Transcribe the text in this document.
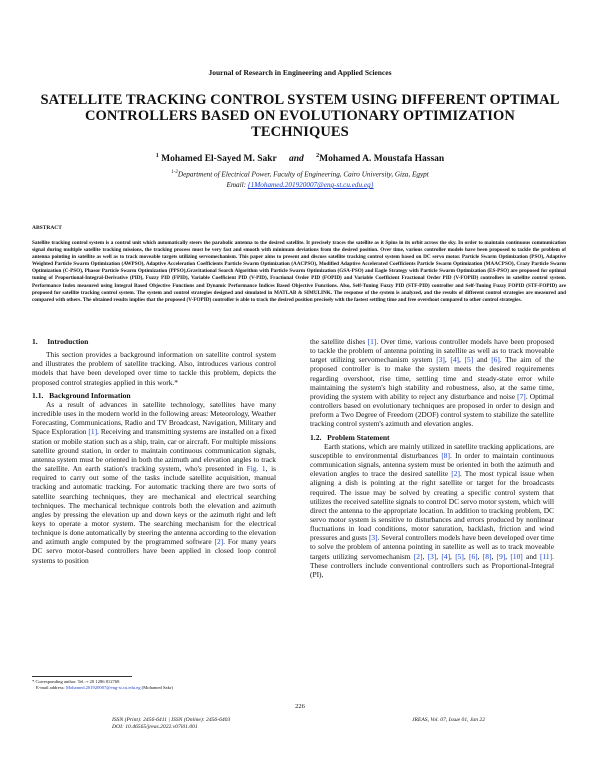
Journal of Research in Engineering and Applied Sciences
SATELLITE TRACKING CONTROL SYSTEM USING DIFFERENT OPTIMAL CONTROLLERS BASED ON EVOLUTIONARY OPTIMIZATION TECHNIQUES
$^1$ Mohamed El-Sayed M. Sakr and $^2$Mohamed A. Moustafa Hassan
$^{1-2}$Department of Electrical Power, Faculty of Engineering, Cairo University, Giza, Egypt
Email: {1Mohamed.201920007@eng-st.cu.edu.eg}
ABSTRACT
Satellite tracking control system is a control unit which automatically steers the parabolic antenna to the desired satellite. It precisely traces the satellite as it Spins in its orbit across the sky. In order to maintain continuous communication signal during multiple satellite tracking missions, the tracking process must be very fast and smooth with minimum deviations from the desired position. Over time, various controller models have been proposed to tackle the problem of antenna pointing in satellite as well as to track moveable targets utilizing servomechanism. This paper aims to present and discuss satellite tracking control system based on DC servo motor. Particle Swarm Optimization (PSO), Adaptive Weighted Particle Swarm Optimization (AWPSO), Adaptive Acceleration Coefficients Particle Swarm Optimization (AACPSO), Modified Adaptive Accelerated Coefficients Particle Swarm Optimization (MAACPSO), Crazy Particle Swarm Optimization (C-PSO), Phasor Particle Swarm Optimization (PPSO),Gravitational Search Algorithm with Particle Swarm Optimization (GSA-PSO) and Eagle Strategy with Particle Swarm Optimization (ES-PSO) are proposed for optimal tuning of Proportional-Integral-Derivative (PID), Fuzzy PID (FPID), Variable Coefficient PID (V-PID), Fractional Order PID (FOPID) and Variable Coefficient Fractional Order PID (V-FOPID) controllers in satellite control system. Performance Index measured using Integral Based Objective Functions and Dynamic Performance Indices Based Objective Functions. Also, Self-Tuning Fuzzy PID (STF-PID) controller and Self-Tuning Fuzzy FOPID (STF-FOPID) are proposed for satellite tracking control system. The system and control strategies designed and simulated in MATLAB & SIMULINK. The response of the system is analyzed, and the results of different control strategies are measured and compared with others. The obtained results implies that the proposed (V-FOPID) controller is able to track the desired position precisely with the fastest settling time and free overshoot compared to other control strategies.
1.     Introduction

This section provides a background information on satellite control system and illustrates the problem of satellite tracking. Also, introduces various control models that have been developed over time to tackle this problem, depicts the proposed control strategies applied in this work.*

1.1.   Background Information

As a result of advances in satellite technology, satellites have many incredible uses in the modern world in the following areas: Meteorology, Weather Forecasting, Communications, Radio and TV Broadcast, Navigation, Military and Space Exploration [1]. Receiving and transmitting systems are installed on a fixed station or mobile station such as a ship, train, car or aircraft. For multiple missions satellite ground station, in order to maintain continuous communication signals, antenna system must be oriented in both the azimuth and elevation angles to track the satellite. An earth station's tracking system, who's presented in Fig. 1, is required to carry out some of the tasks include satellite acquisition, manual tracking and automatic tracking. For automatic tracking there are two sorts of satellite searching techniques, they are mechanical and electrical searching techniques. The mechanical technique controls both the elevation and azimuth angles by pressing the elevation up and down keys or the azimuth right and left keys to operate a motor system. The searching mechanism for the electrical technique is done automatically by steering the antenna according to the elevation and azimuth angle computed by the programmed software [2]. For many years DC servo motor-based controllers have been applied in closed loop control systems to position

the satellite dishes [1]. Over time, various controller models have been proposed to tackle the problem of antenna pointing in satellite as well as to track moveable target utilizing servomechanism system [3], [4], [5] and [6]. The aim of the proposed controller is to make the system meets the desired requirements regarding overshoot, rise time, settling time and steady-state error while maintaining the system's high stability and robustness, also, at the same time, providing the system with ability to reject any disturbance and noise [7]. Optimal controllers based on evolutionary techniques are proposed in order to design and preform a Two Degree of Freedom (2DOF) control system to stabilize the satellite tracking control system's azimuth and elevation angles.

1.2.   Problem Statement

Earth stations, which are mainly utilized in satellite tracking applications, are susceptible to environmental disturbances [8]. In order to maintain continuous communication signals, antenna system must be oriented in both the azimuth and elevation angles to trace the desired satellite [2]. The most typical issue when aligning a dish is pointing at the right satellite or target for the broadcasts required. The issue may be solved by creating a specific control system that utilizes the received satellite signals to control DC servo motor system, which will direct the antenna to the appropriate location. In addition to tracking problem, DC servo motor system is sensitive to disturbances and errors produced by nonlinear fluctuations in load conditions, motor saturation, backlash, friction and wind pressures and gusts [3]. Several controllers models have been developed over time to solve the problem of antenna pointing in satellite as well as to track moveable targets utilizing servomechanism [2], [3], [4], [5], [6], [8], [9], [10] and [11]. These controllers include conventional controllers such as Proportional-Integral (PI),

* Corresponding author. Tel.:+ 20 1286 812768
E-mail address: Mohamed.201920007@eng-st.cu.edu.eg (Mohamed Sakr)
226
ISSN (Print): 2456-6411 | ISSN (Online): 2456-6403
DOI: 10.46565/jreas.2022.v07i01.001
JREAS, Vol. 07, Issue 01, Jan 22
